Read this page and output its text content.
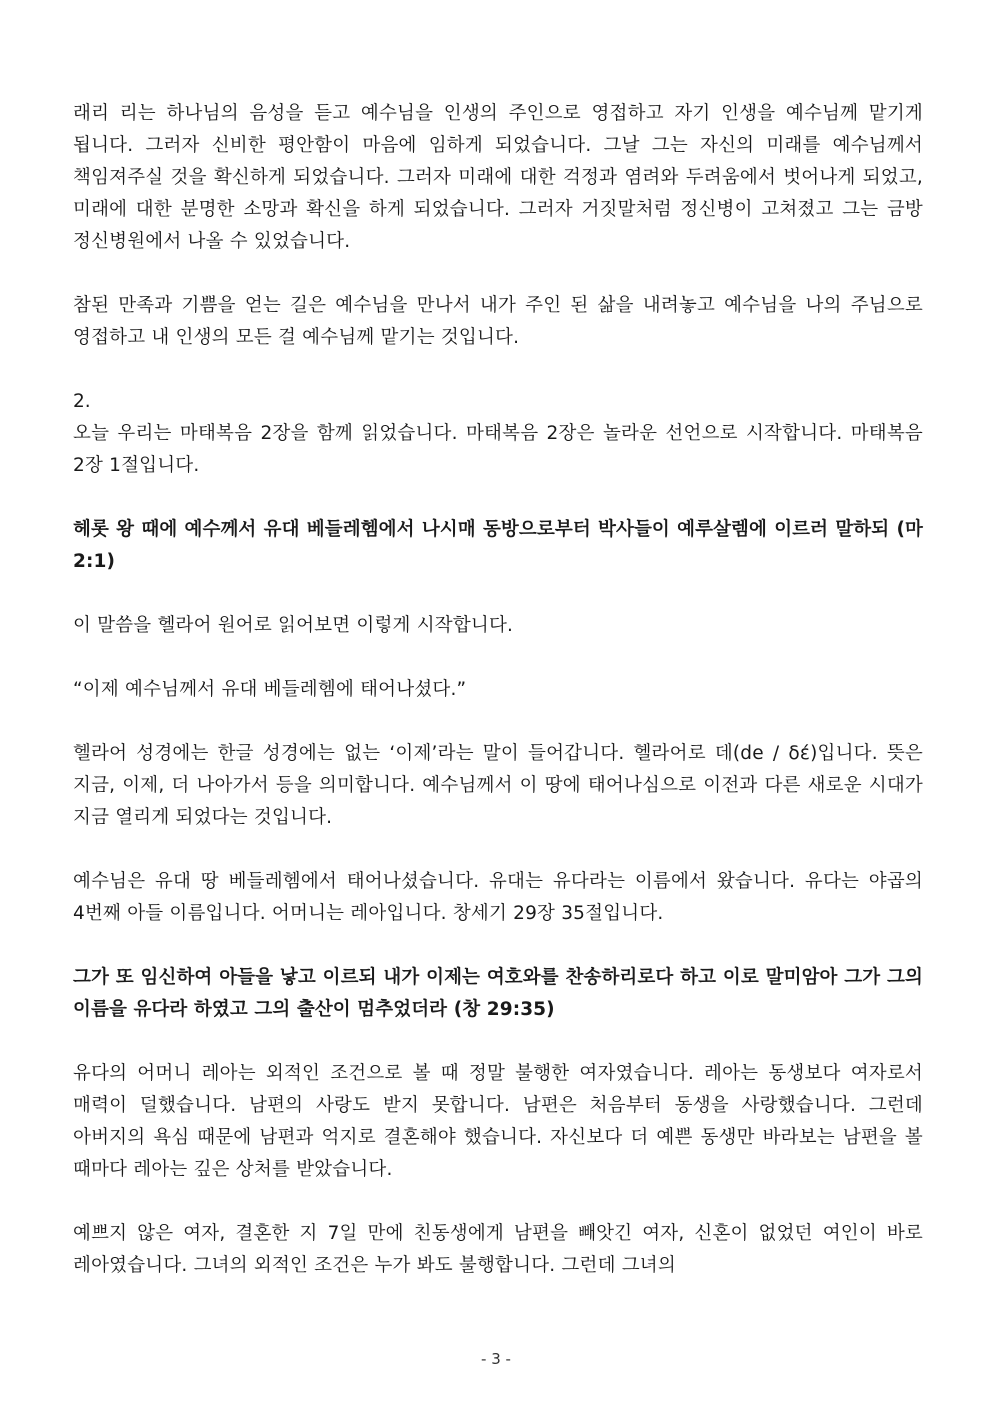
래리 리는 하나님의 음성을 듣고 예수님을 인생의 주인으로 영접하고 자기 인생을 예수님께 맡기게 됩니다. 그러자 신비한 평안함이 마음에 임하게 되었습니다. 그날 그는 자신의 미래를 예수님께서 책임져주실 것을 확신하게 되었습니다. 그러자 미래에 대한 걱정과 염려와 두려움에서 벗어나게 되었고, 미래에 대한 분명한 소망과 확신을 하게 되었습니다. 그러자 거짓말처럼 정신병이 고쳐졌고 그는 금방 정신병원에서 나올 수 있었습니다.

참된 만족과 기쁨을 얻는 길은 예수님을 만나서 내가 주인 된 삶을 내려놓고 예수님을 나의 주님으로 영접하고 내 인생의 모든 걸 예수님께 맡기는 것입니다.

2.

오늘 우리는 마태복음 2장을 함께 읽었습니다. 마태복음 2장은 놀라운 선언으로 시작합니다. 마태복음 2장 1절입니다.

헤롯 왕 때에 예수께서 유대 베들레헴에서 나시매 동방으로부터 박사들이 예루살렘에 이르러 말하되 (마 2:1)

이 말씀을 헬라어 원어로 읽어보면 이렇게 시작합니다.

“이제 예수님께서 유대 베들레헴에 태어나셨다.”

헬라어 성경에는 한글 성경에는 없는 ‘이제’라는 말이 들어갑니다. 헬라어로 데(de / δέ)입니다. 뜻은 지금, 이제, 더 나아가서 등을 의미합니다. 예수님께서 이 땅에 태어나심으로 이전과 다른 새로운 시대가 지금 열리게 되었다는 것입니다.

예수님은 유대 땅 베들레헴에서 태어나셨습니다. 유대는 유다라는 이름에서 왔습니다. 유다는 야곱의 4번째 아들 이름입니다. 어머니는 레아입니다. 창세기 29장 35절입니다.

그가 또 임신하여 아들을 낳고 이르되 내가 이제는 여호와를 찬송하리로다 하고 이로 말미암아 그가 그의 이름을 유다라 하였고 그의 출산이 멈추었더라 (창 29:35)

유다의 어머니 레아는 외적인 조건으로 볼 때 정말 불행한 여자였습니다. 레아는 동생보다 여자로서 매력이 덜했습니다. 남편의 사랑도 받지 못합니다. 남편은 처음부터 동생을 사랑했습니다. 그런데 아버지의 욕심 때문에 남편과 억지로 결혼해야 했습니다. 자신보다 더 예쁜 동생만 바라보는 남편을 볼 때마다 레아는 깊은 상처를 받았습니다.

예쁘지 않은 여자, 결혼한 지 7일 만에 친동생에게 남편을 빼앗긴 여자, 신혼이 없었던 여인이 바로 레아였습니다. 그녀의 외적인 조건은 누가 봐도 불행합니다. 그런데 그녀의

- 3 -
